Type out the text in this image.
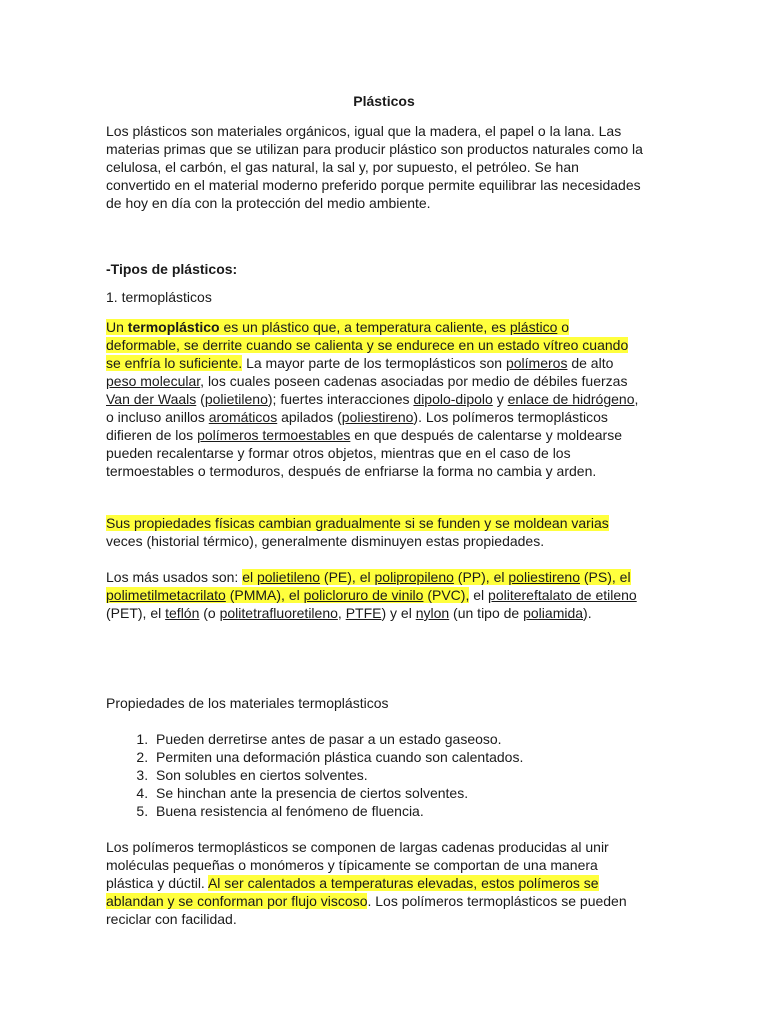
Plásticos

Los plásticos son materiales orgánicos, igual que la madera, el papel o la lana. Las materias primas que se utilizan para producir plástico son productos naturales como la celulosa, el carbón, el gas natural, la sal y, por supuesto, el petróleo. Se han convertido en el material moderno preferido porque permite equilibrar las necesidades de hoy en día con la protección del medio ambiente.

-Tipos de plásticos:

1. termoplásticos

Un termoplástico es un plástico que, a temperatura caliente, es plástico o deformable, se derrite cuando se calienta y se endurece en un estado vítreo cuando se enfría lo suficiente. La mayor parte de los termoplásticos son polímeros de alto peso molecular, los cuales poseen cadenas asociadas por medio de débiles fuerzas Van der Waals (polietileno); fuertes interacciones dipolo-dipolo y enlace de hidrógeno, o incluso anillos aromáticos apilados (poliestireno). Los polímeros termoplásticos difieren de los polímeros termoestables en que después de calentarse y moldearse pueden recalentarse y formar otros objetos, mientras que en el caso de los termoestables o termoduros, después de enfriarse la forma no cambia y arden.

Sus propiedades físicas cambian gradualmente si se funden y se moldean varias veces (historial térmico), generalmente disminuyen estas propiedades.

Los más usados son: el polietileno (PE), el polipropileno (PP), el poliestireno (PS), el polimetilmetacrilato (PMMA), el policloruro de vinilo (PVC), el politereftalato de etileno (PET), el teflón (o politetrafluoretileno, PTFE) y el nylon (un tipo de poliamida).

Propiedades de los materiales termoplásticos

1. Pueden derretirse antes de pasar a un estado gaseoso.
2. Permiten una deformación plástica cuando son calentados.
3. Son solubles en ciertos solventes.
4. Se hinchan ante la presencia de ciertos solventes.
5. Buena resistencia al fenómeno de fluencia.

Los polímeros termoplásticos se componen de largas cadenas producidas al unir moléculas pequeñas o monómeros y típicamente se comportan de una manera plástica y dúctil. Al ser calentados a temperaturas elevadas, estos polímeros se ablandan y se conforman por flujo viscoso. Los polímeros termoplásticos se pueden reciclar con facilidad.
